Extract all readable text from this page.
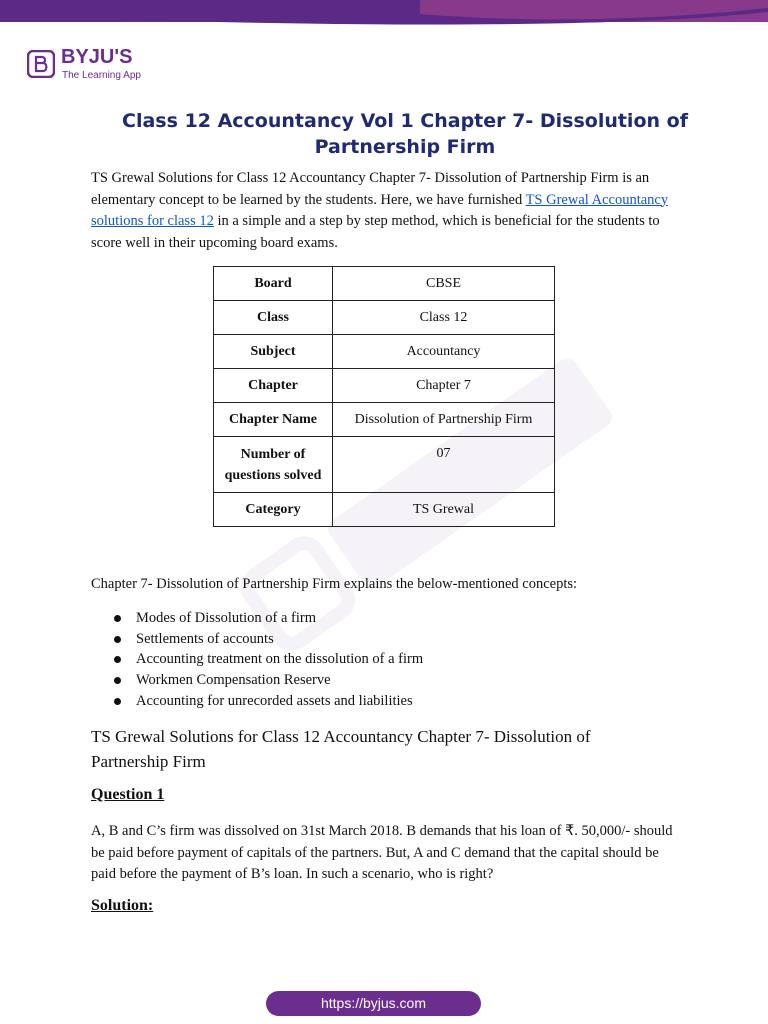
BYJU'S
The Learning App
Class 12 Accountancy Vol 1 Chapter 7- Dissolution of Partnership Firm

TS Grewal Solutions for Class 12 Accountancy Chapter 7- Dissolution of Partnership Firm is an elementary concept to be learned by the students. Here, we have furnished TS Grewal Accountancy solutions for class 12 in a simple and a step by step method, which is beneficial for the students to score well in their upcoming board exams.

Board	CBSE
Class	Class 12
Subject	Accountancy
Chapter	Chapter 7
Chapter Name	Dissolution of Partnership Firm
Number of questions solved	07
Category	TS Grewal

Chapter 7- Dissolution of Partnership Firm explains the below-mentioned concepts:

Modes of Dissolution of a firm
Settlements of accounts
Accounting treatment on the dissolution of a firm
Workmen Compensation Reserve
Accounting for unrecorded assets and liabilities

TS Grewal Solutions for Class 12 Accountancy Chapter 7- Dissolution of Partnership Firm

Question 1

A, B and C’s firm was dissolved on 31st March 2018. B demands that his loan of ₹. 50,000/- should be paid before payment of capitals of the partners. But, A and C demand that the capital should be paid before the payment of B’s loan. In such a scenario, who is right?

Solution:

https://byjus.com
